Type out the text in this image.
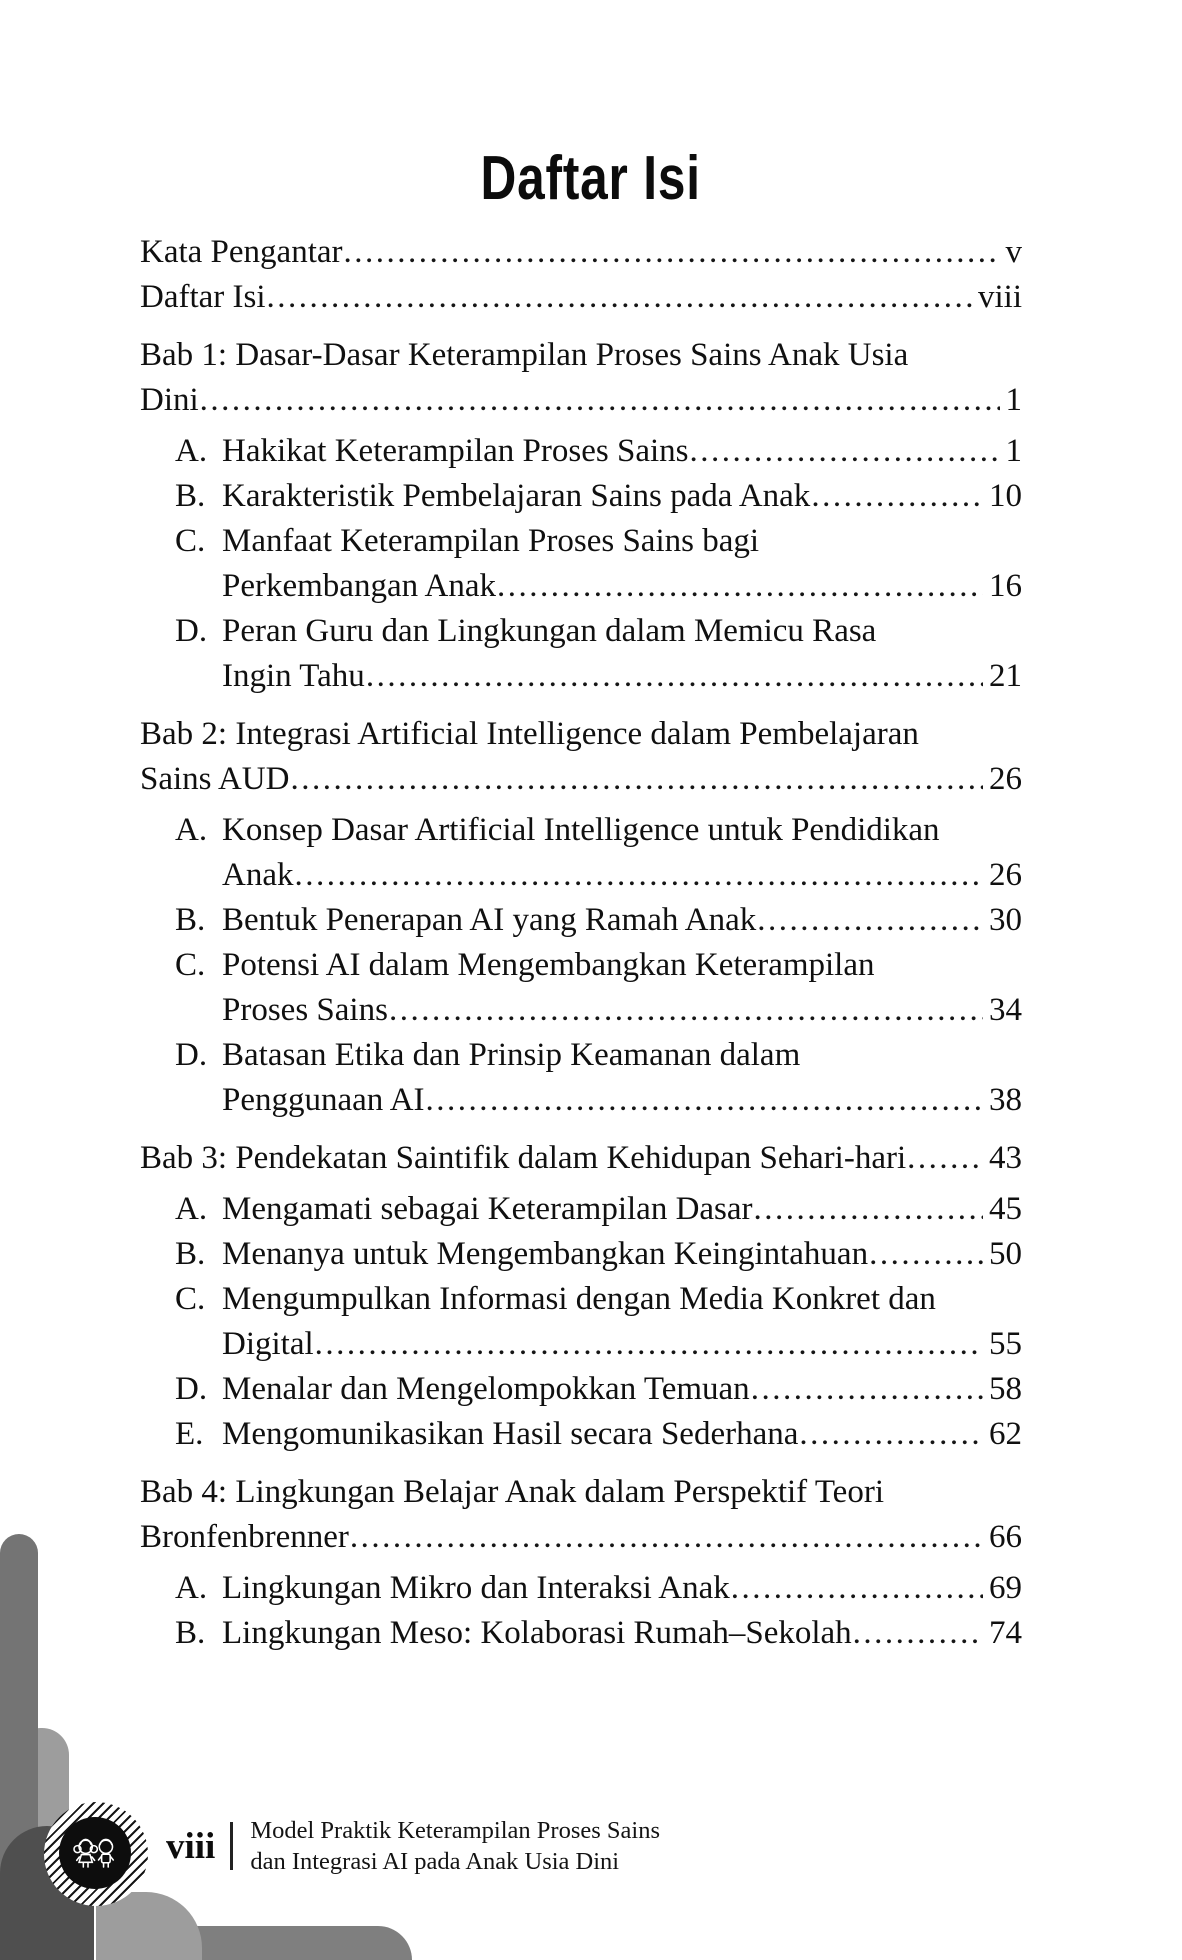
Daftar Isi
Kata Pengantar .....	v
Daftar Isi .....	viii
Bab 1: Dasar-Dasar Keterampilan Proses Sains Anak Usia
Dini .....	1
A. Hakikat Keterampilan Proses Sains .....	1
B. Karakteristik Pembelajaran Sains pada Anak .....	10
C. Manfaat Keterampilan Proses Sains bagi
Perkembangan Anak .....	16
D. Peran Guru dan Lingkungan dalam Memicu Rasa
Ingin Tahu .....	21
Bab 2: Integrasi Artificial Intelligence dalam Pembelajaran
Sains AUD .....	26
A. Konsep Dasar Artificial Intelligence untuk Pendidikan
Anak .....	26
B. Bentuk Penerapan AI yang Ramah Anak .....	30
C. Potensi AI dalam Mengembangkan Keterampilan
Proses Sains .....	34
D. Batasan Etika dan Prinsip Keamanan dalam
Penggunaan AI .....	38
Bab 3: Pendekatan Saintifik dalam Kehidupan Sehari-hari .....	43
A. Mengamati sebagai Keterampilan Dasar .....	45
B. Menanya untuk Mengembangkan Keingintahuan .....	50
C. Mengumpulkan Informasi dengan Media Konkret dan
Digital .....	55
D. Menalar dan Mengelompokkan Temuan .....	58
E. Mengomunikasikan Hasil secara Sederhana .....	62
Bab 4: Lingkungan Belajar Anak dalam Perspektif Teori
Bronfenbrenner .....	66
A. Lingkungan Mikro dan Interaksi Anak .....	69
B. Lingkungan Meso: Kolaborasi Rumah–Sekolah .....	74
viii Model Praktik Keterampilan Proses Sains
dan Integrasi AI pada Anak Usia Dini
